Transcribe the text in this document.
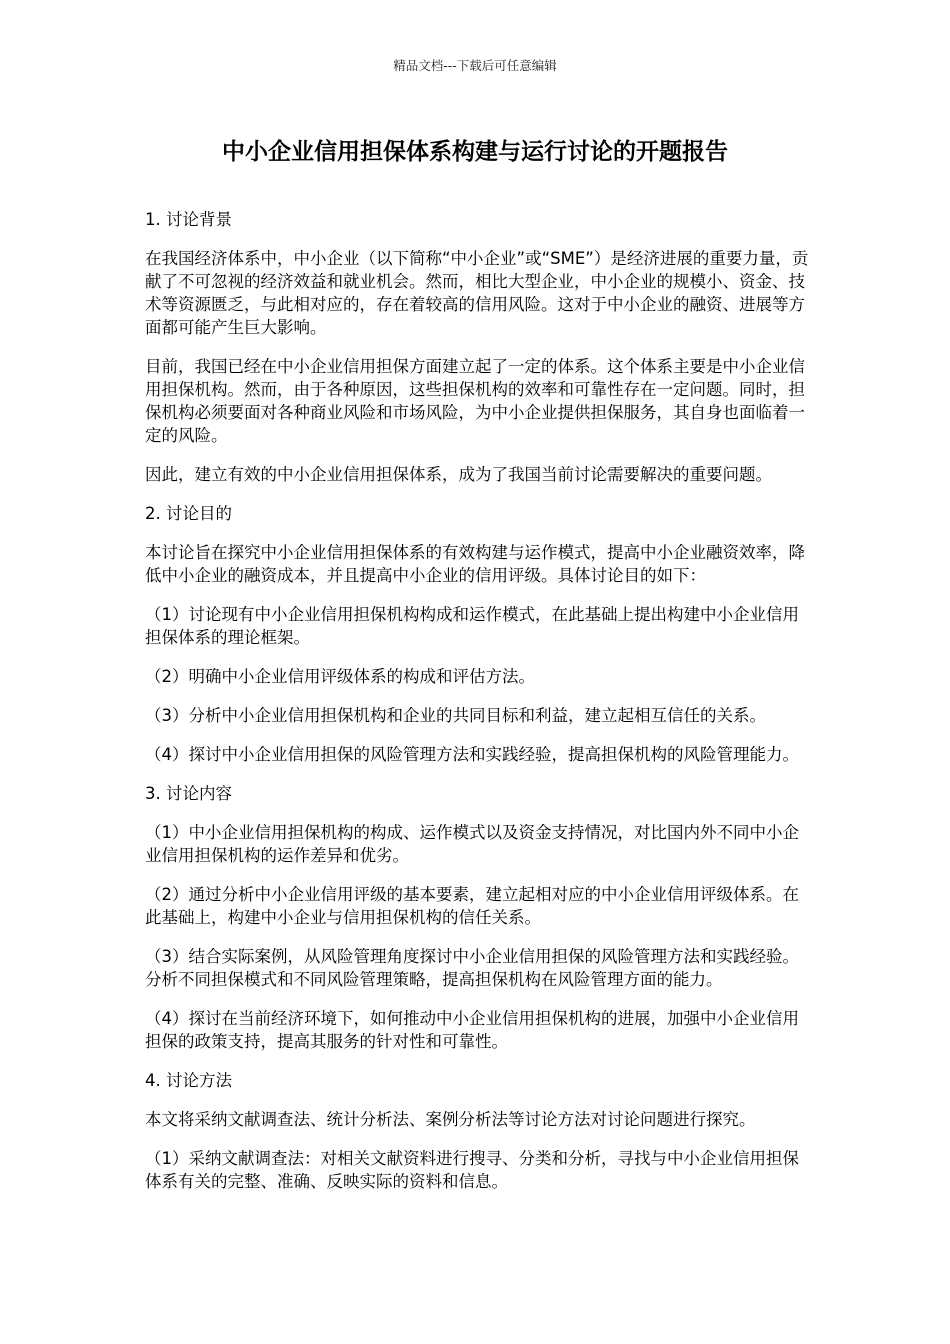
精品文档---下载后可任意编辑
中小企业信用担保体系构建与运行讨论的开题报告

1. 讨论背景

在我国经济体系中，中小企业（以下简称“中小企业”或“SME”）是经济进展的重要力量，贡献了不可忽视的经济效益和就业机会。然而，相比大型企业，中小企业的规模小、资金、技术等资源匮乏，与此相对应的，存在着较高的信用风险。这对于中小企业的融资、进展等方面都可能产生巨大影响。

目前，我国已经在中小企业信用担保方面建立起了一定的体系。这个体系主要是中小企业信用担保机构。然而，由于各种原因，这些担保机构的效率和可靠性存在一定问题。同时，担保机构必须要面对各种商业风险和市场风险，为中小企业提供担保服务，其自身也面临着一定的风险。

因此，建立有效的中小企业信用担保体系，成为了我国当前讨论需要解决的重要问题。

2. 讨论目的

本讨论旨在探究中小企业信用担保体系的有效构建与运作模式，提高中小企业融资效率，降低中小企业的融资成本，并且提高中小企业的信用评级。具体讨论目的如下：

（1）讨论现有中小企业信用担保机构构成和运作模式，在此基础上提出构建中小企业信用担保体系的理论框架。

（2）明确中小企业信用评级体系的构成和评估方法。

（3）分析中小企业信用担保机构和企业的共同目标和利益，建立起相互信任的关系。

（4）探讨中小企业信用担保的风险管理方法和实践经验，提高担保机构的风险管理能力。

3. 讨论内容

（1）中小企业信用担保机构的构成、运作模式以及资金支持情况，对比国内外不同中小企业信用担保机构的运作差异和优劣。

（2）通过分析中小企业信用评级的基本要素，建立起相对应的中小企业信用评级体系。在此基础上，构建中小企业与信用担保机构的信任关系。

（3）结合实际案例，从风险管理角度探讨中小企业信用担保的风险管理方法和实践经验。分析不同担保模式和不同风险管理策略，提高担保机构在风险管理方面的能力。

（4）探讨在当前经济环境下，如何推动中小企业信用担保机构的进展，加强中小企业信用担保的政策支持，提高其服务的针对性和可靠性。

4. 讨论方法

本文将采纳文献调查法、统计分析法、案例分析法等讨论方法对讨论问题进行探究。

（1）采纳文献调查法：对相关文献资料进行搜寻、分类和分析，寻找与中小企业信用担保体系有关的完整、准确、反映实际的资料和信息。
